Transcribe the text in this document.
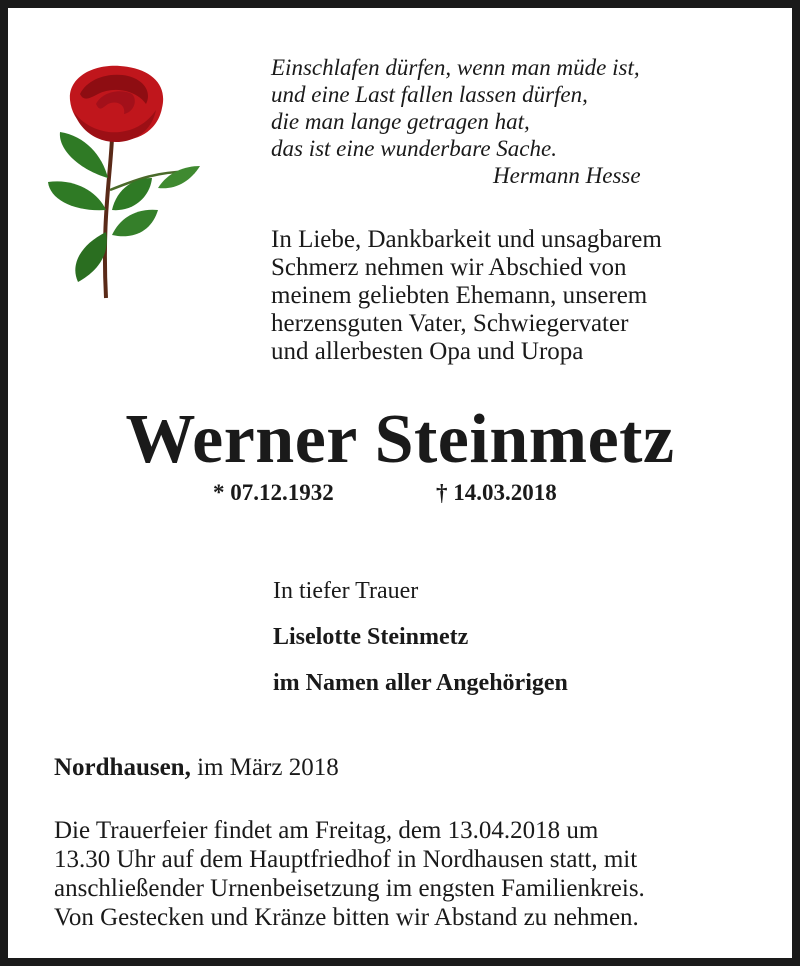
Einschlafen dürfen, wenn man müde ist,
und eine Last fallen lassen dürfen,
die man lange getragen hat,
das ist eine wunderbare Sache.
Hermann Hesse
In Liebe, Dankbarkeit und unsagbarem
Schmerz nehmen wir Abschied von
meinem geliebten Ehemann, unserem
herzensguten Vater, Schwiegervater
und allerbesten Opa und Uropa
Werner Steinmetz
* 07.12.1932	† 14.03.2018
In tiefer Trauer
Liselotte Steinmetz
im Namen aller Angehörigen
Nordhausen, im März 2018
Die Trauerfeier findet am Freitag, dem 13.04.2018 um
13.30 Uhr auf dem Hauptfriedhof in Nordhausen statt, mit
anschließender Urnenbeisetzung im engsten Familienkreis.
Von Gestecken und Kränze bitten wir Abstand zu nehmen.
